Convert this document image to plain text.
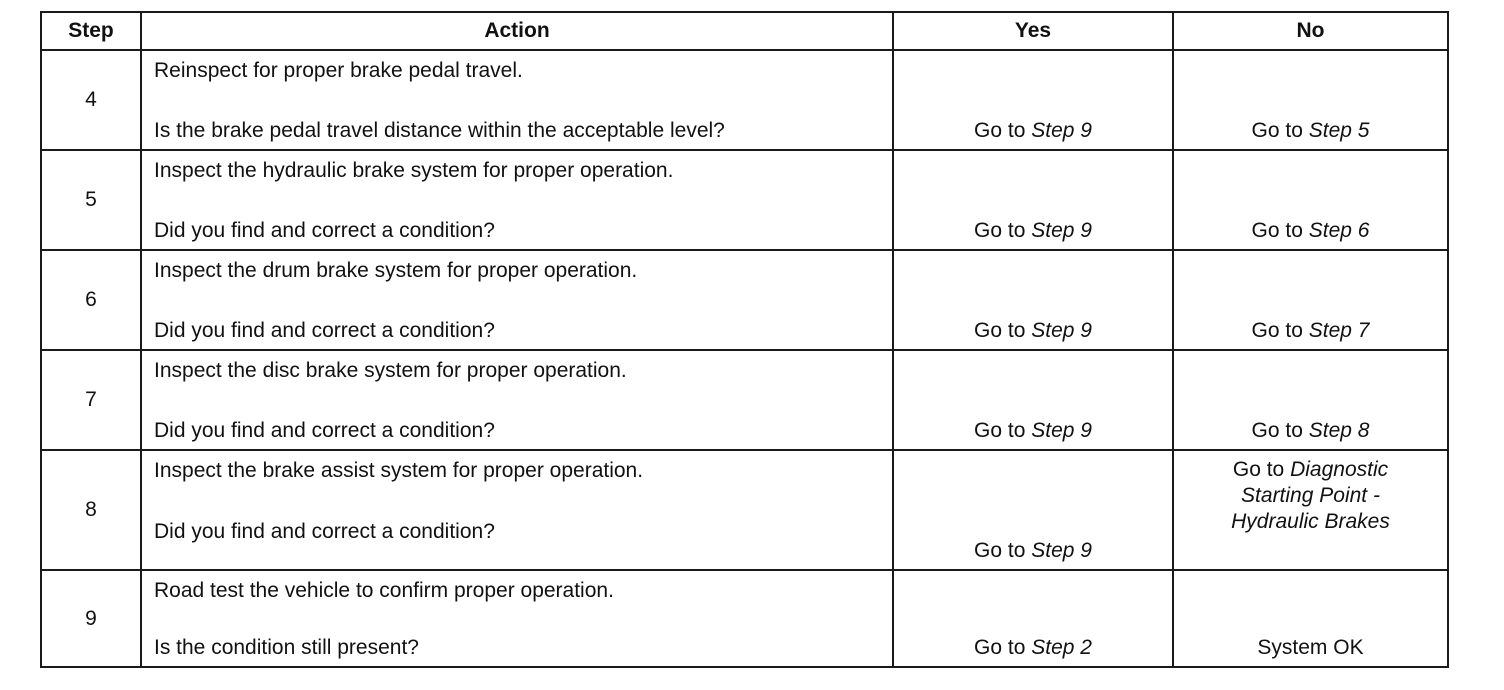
Step	Action	Yes	No
4	Reinspect for proper brake pedal travel.
Is the brake pedal travel distance within the acceptable level?	Go to Step 9	Go to Step 5

5	Inspect the hydraulic brake system for proper operation.
Did you find and correct a condition?	Go to Step 9	Go to Step 6

6	Inspect the drum brake system for proper operation.
Did you find and correct a condition?	Go to Step 9	Go to Step 7

7	Inspect the disc brake system for proper operation.
Did you find and correct a condition?	Go to Step 9	Go to Step 8

8	Inspect the brake assist system for proper operation.
Did you find and correct a condition?	Go to Step 9	Go to Diagnostic
Starting Point -
Hydraulic Brakes

9	Road test the vehicle to confirm proper operation.
Is the condition still present?	Go to Step 2	System OK
